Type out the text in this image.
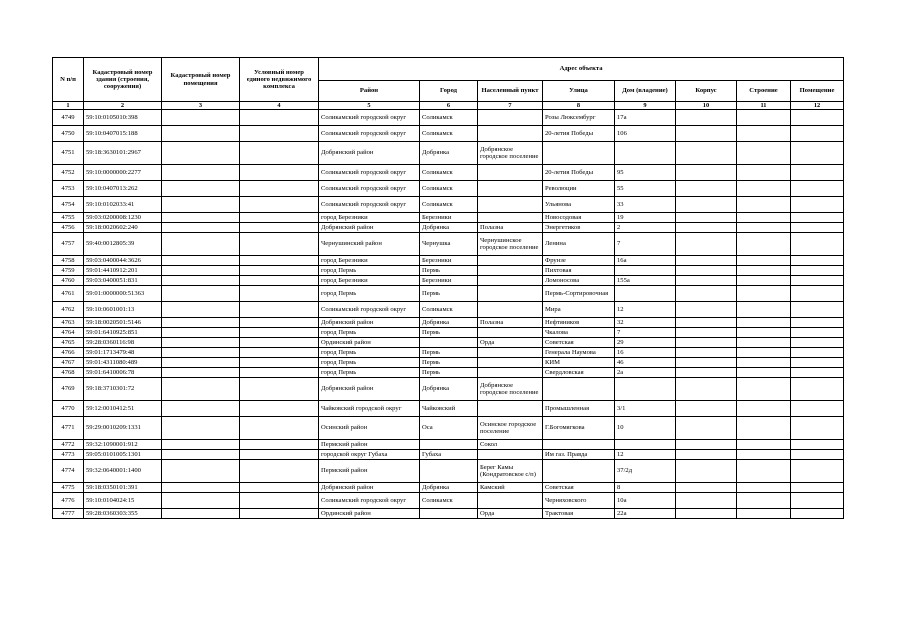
N п/п	Кадастровый номер здания (строения, сооружения)	Кадастровый номер помещения	Условный номер единого недвижимого комплекса	Адрес объекта							
				Район	Город	Населенный пункт	Улица	Дом (владение)	Корпус	Строение	Помещение
1	2	3	4	5	6	7	8	9	10	11	12
4749	59:10:0105010:398			Соликамский городской округ	Соликамск		Розы Люксембург	17а			
4750	59:10:0407015:188			Соликамский городской округ	Соликамск		20-летия Победы	106			
4751	59:18:3630101:2967			Добрянский район	Добрянка	Добрянское городское поселение					
4752	59:10:0000000:2277			Соликамский городской округ	Соликамск		20-летия Победы	95			
4753	59:10:0407013:262			Соликамский городской округ	Соликамск		Революции	55			
4754	59:10:0102033:41			Соликамский городской округ	Соликамск		Ульянова	33			
4755	59:03:0200008:1230			город Березники	Березники		Новосодовая	19			
4756	59:18:0020602:240			Добрянский район	Добрянка	Полазна	Энергетиков	2			
4757	59:40:0012805:39			Чернушинский район	Чернушка	Чернушинское городское поселение	Ленина	7			
4758	59:03:0400044:3626			город Березники	Березники		Фрунзе	16а			
4759	59:01:4410912:201			город Пермь	Пермь		Пихтовая				
4760	59:03:0400051:831			город Березники	Березники		Ломоносова	155а			
4761	59:01:0000000:51363			город Пермь	Пермь		Пермь-Сортировочная				
4762	59:10:0601001:13			Соликамский городской округ	Соликамск		Мира	12			
4763	59:18:0020501:5146			Добрянский район	Добрянка	Полазна	Нефтяников	32			
4764	59:01:6410925:851			город Пермь	Пермь		Чкалова	7			
4765	59:28:0360116:98			Ординский район		Орда	Советская	29			
4766	59:01:1713479:48			город Пермь	Пермь		Генерала Наумова	16			
4767	59:01:4311080:489			город Пермь	Пермь		КИМ	46			
4768	59:01:6410006:78			город Пермь	Пермь		Свердловская	2а			
4769	59:18:3710301:72			Добрянский район	Добрянка	Добрянское городское поселение					
4770	59:12:0010412:51			Чайковский городской округ	Чайковский		Промышленная	3/1			
4771	59:29:0010209:1331			Осинский район	Оса	Осинское городское поселение	Г.Богомягкова	10			
4772	59:32:1090001:912			Пермский район		Сокол					
4773	59:05:0101005:1301			городской округ Губаха	Губаха		Им газ. Правда	12			
4774	59:32:0640001:1400			Пермский район		Берег Камы (Кондратовское с/п)		37/2д			
4775	59:18:0350101:391			Добрянский район	Добрянка	Камский	Советская	8			
4776	59:10:0104024:15			Соликамский городской округ	Соликамск		Черняховского	10а			
4777	59:28:0360303:355			Ординский район		Орда	Трактовая	22а			
